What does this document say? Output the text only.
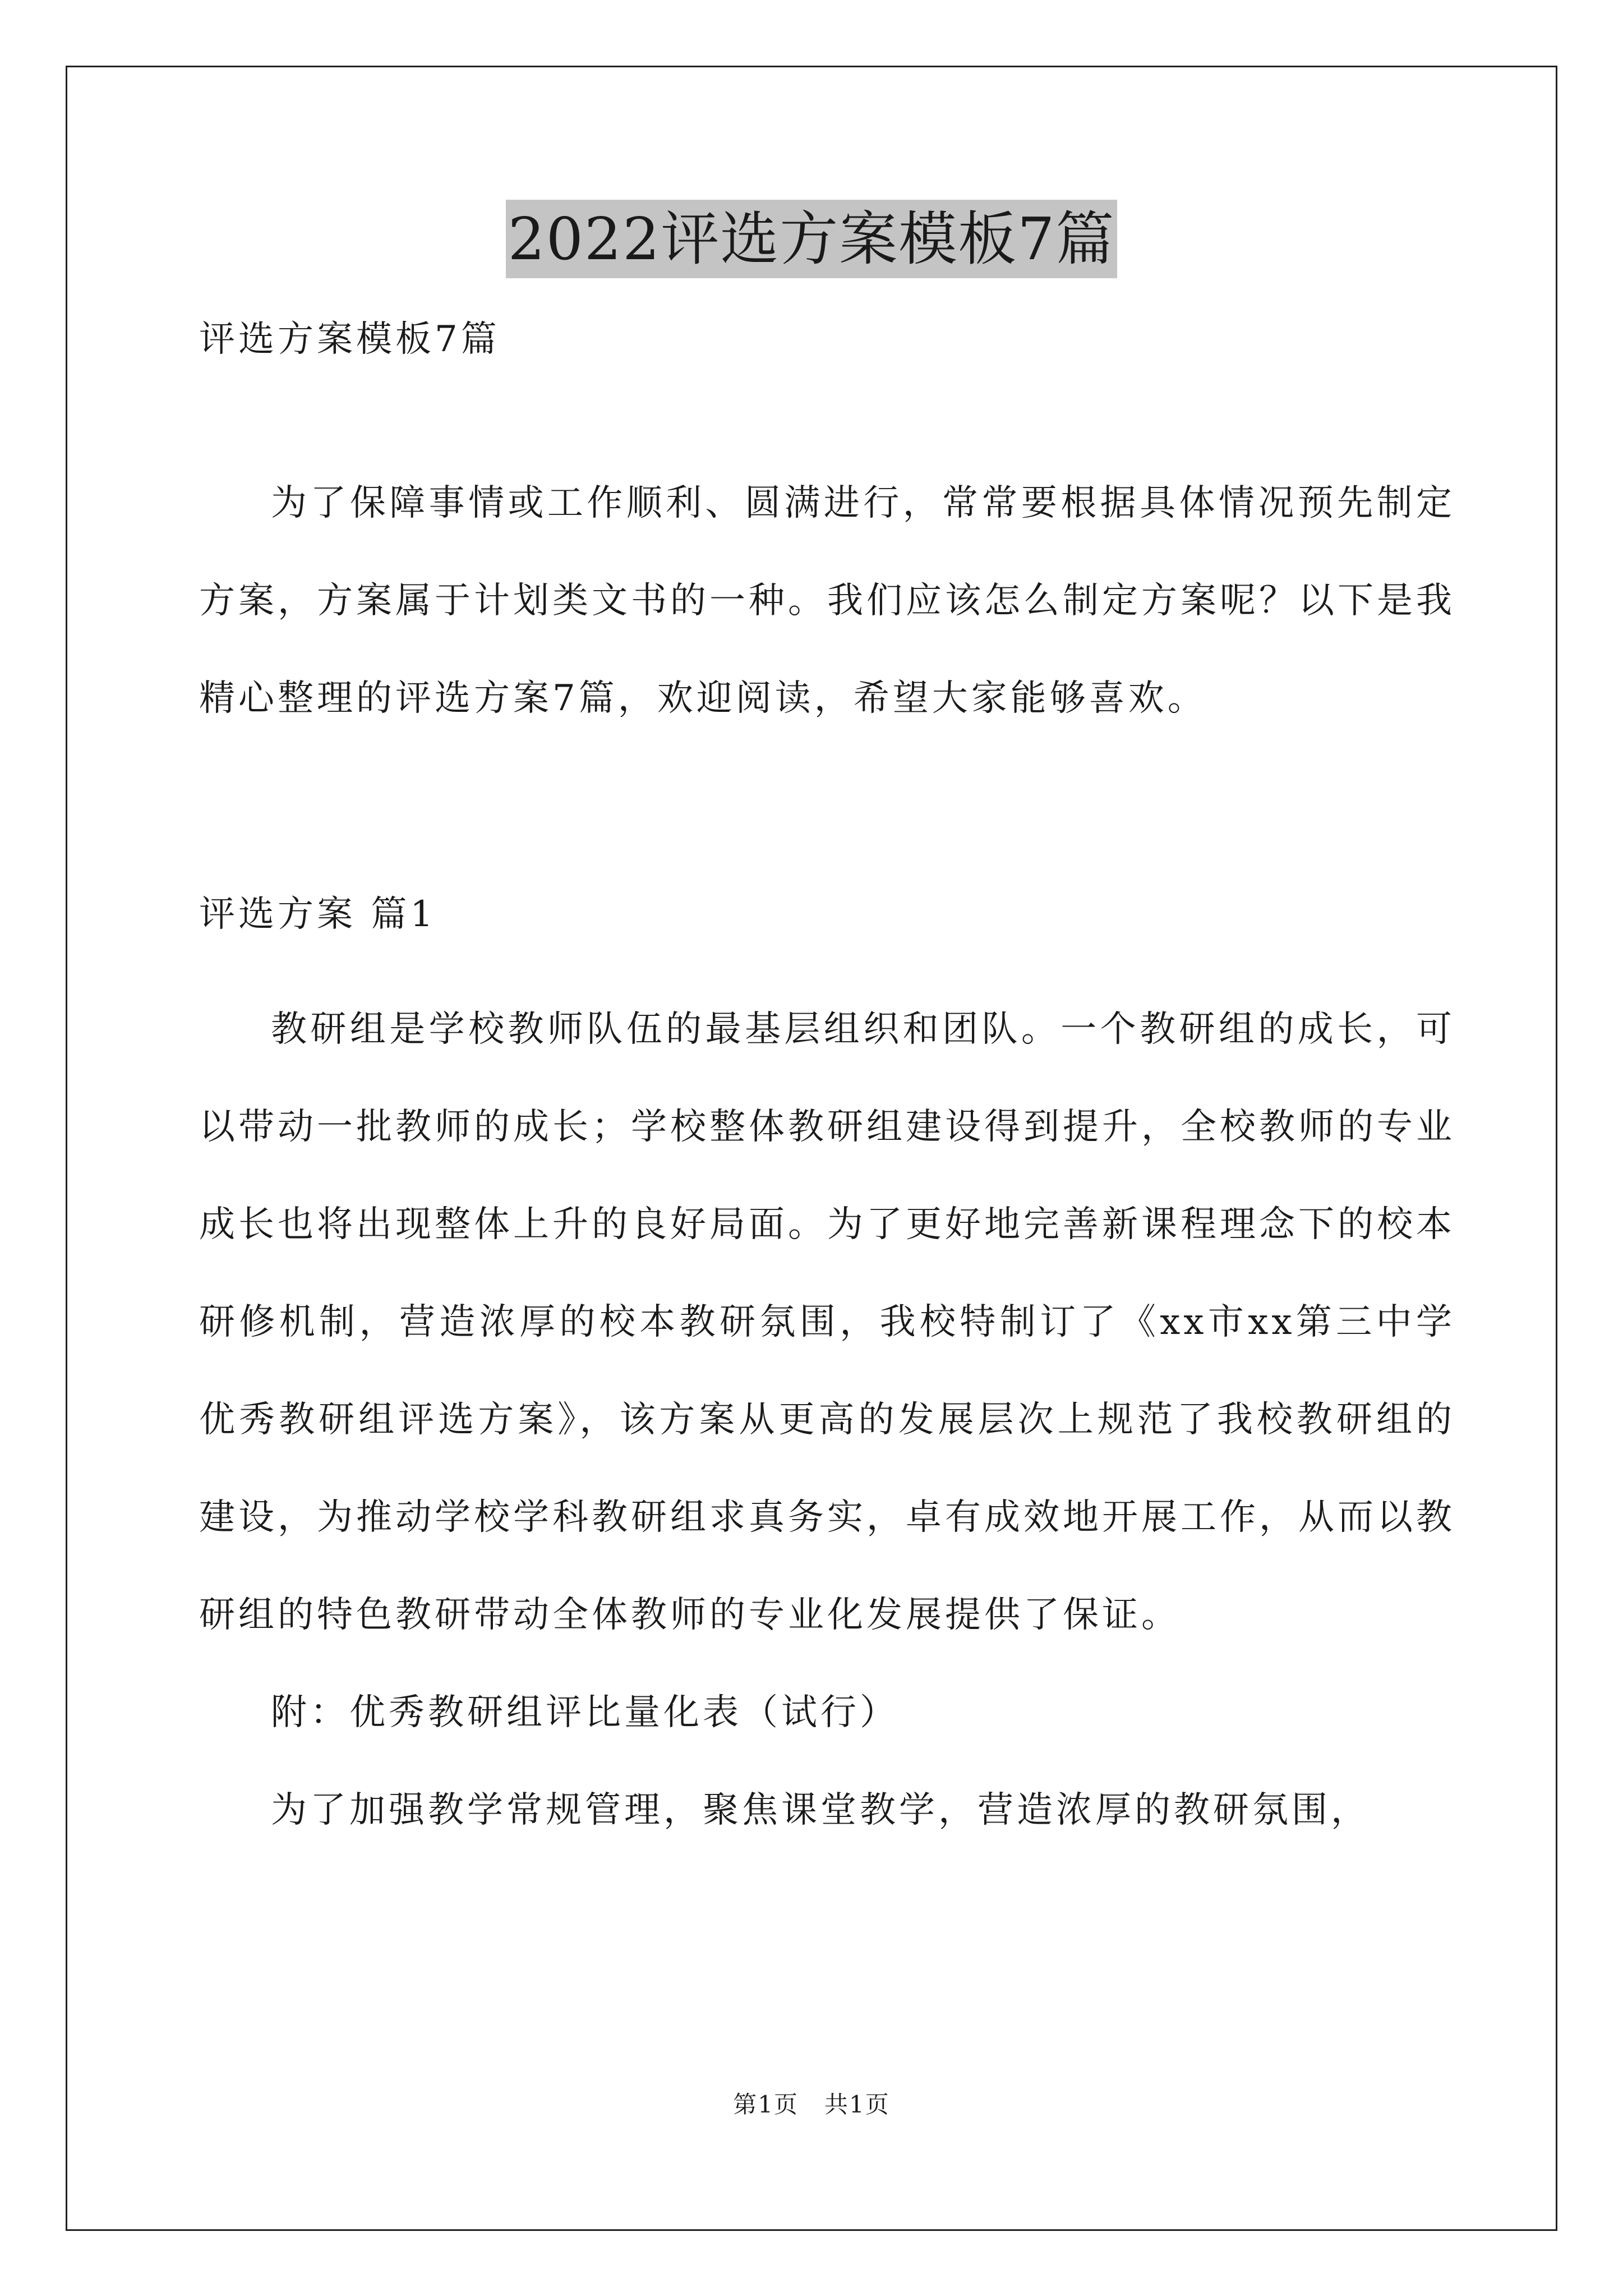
2022评选方案模板7篇
评选方案模板7篇

为了保障事情或工作顺利、圆满进行，常常要根据具体情况预先制定方案，方案属于计划类文书的一种。我们应该怎么制定方案呢？以下是我精心整理的评选方案7篇，欢迎阅读，希望大家能够喜欢。

评选方案 篇1

教研组是学校教师队伍的最基层组织和团队。一个教研组的成长，可以带动一批教师的成长；学校整体教研组建设得到提升，全校教师的专业成长也将出现整体上升的良好局面。为了更好地完善新课程理念下的校本研修机制，营造浓厚的校本教研氛围，我校特制订了《xx市xx第三中学优秀教研组评选方案》，该方案从更高的发展层次上规范了我校教研组的建设，为推动学校学科教研组求真务实，卓有成效地开展工作，从而以教研组的特色教研带动全体教师的专业化发展提供了保证。

附：优秀教研组评比量化表（试行）

为了加强教学常规管理，聚焦课堂教学，营造浓厚的教研氛围，

第1页 共1页
